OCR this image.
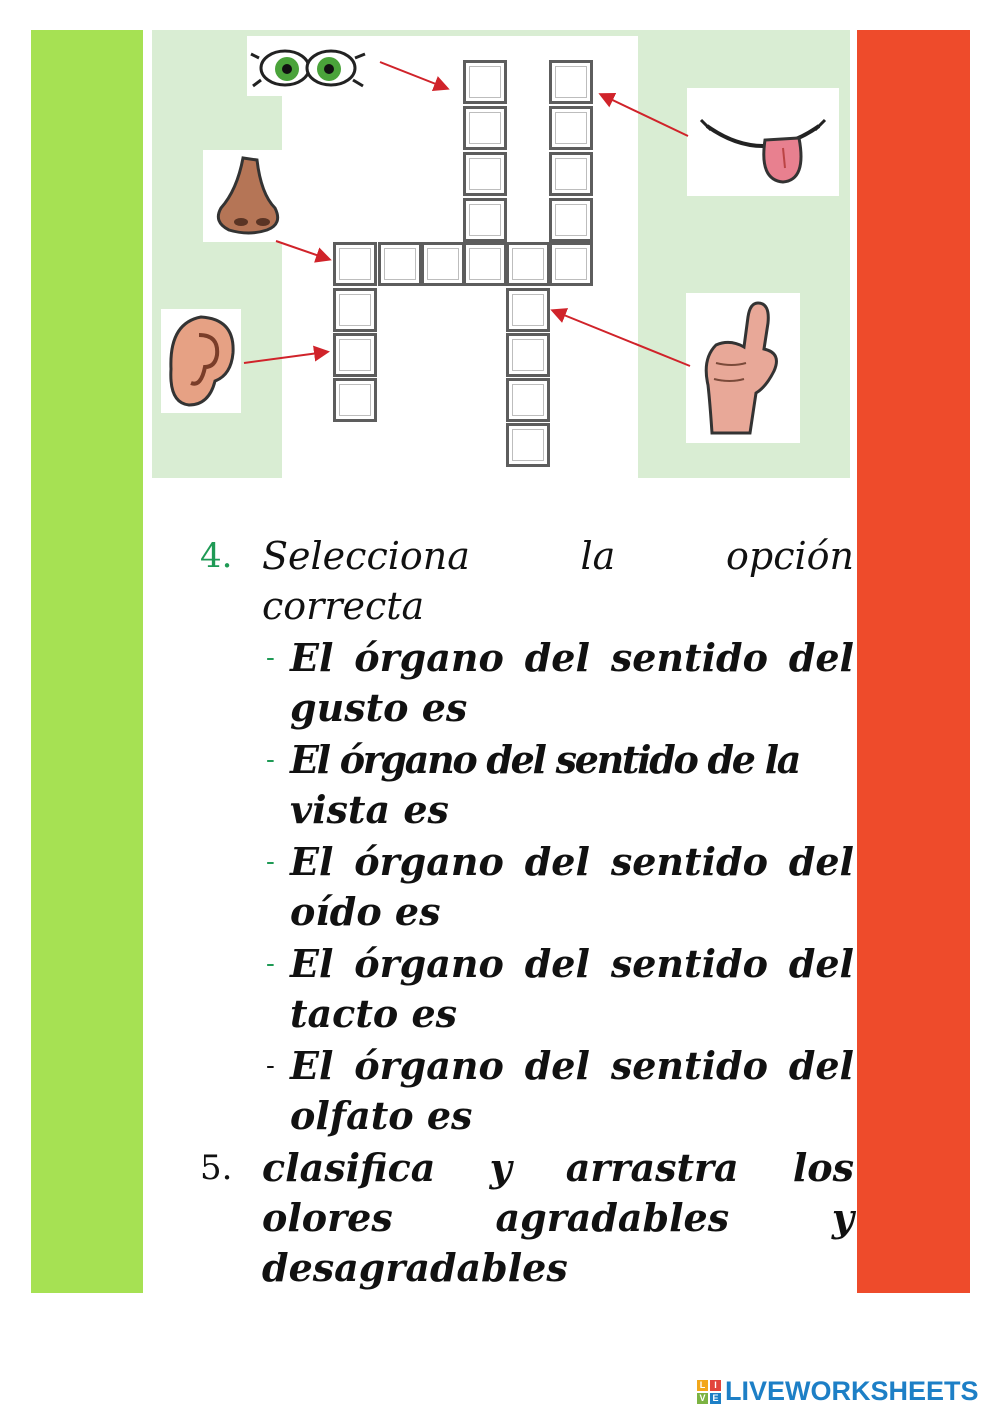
4. Selecciona	la	opción
correcta
- El órgano del sentido del
gusto es
- El órgano del sentido de la
vista es
- El órgano del sentido del
oído es
- El órgano del sentido del
tacto es
- El órgano del sentido del
olfato es
5. clasifica y arrastra los
olores	agradables	y
desagradables
L I
V E LIVEWORKSHEETS
